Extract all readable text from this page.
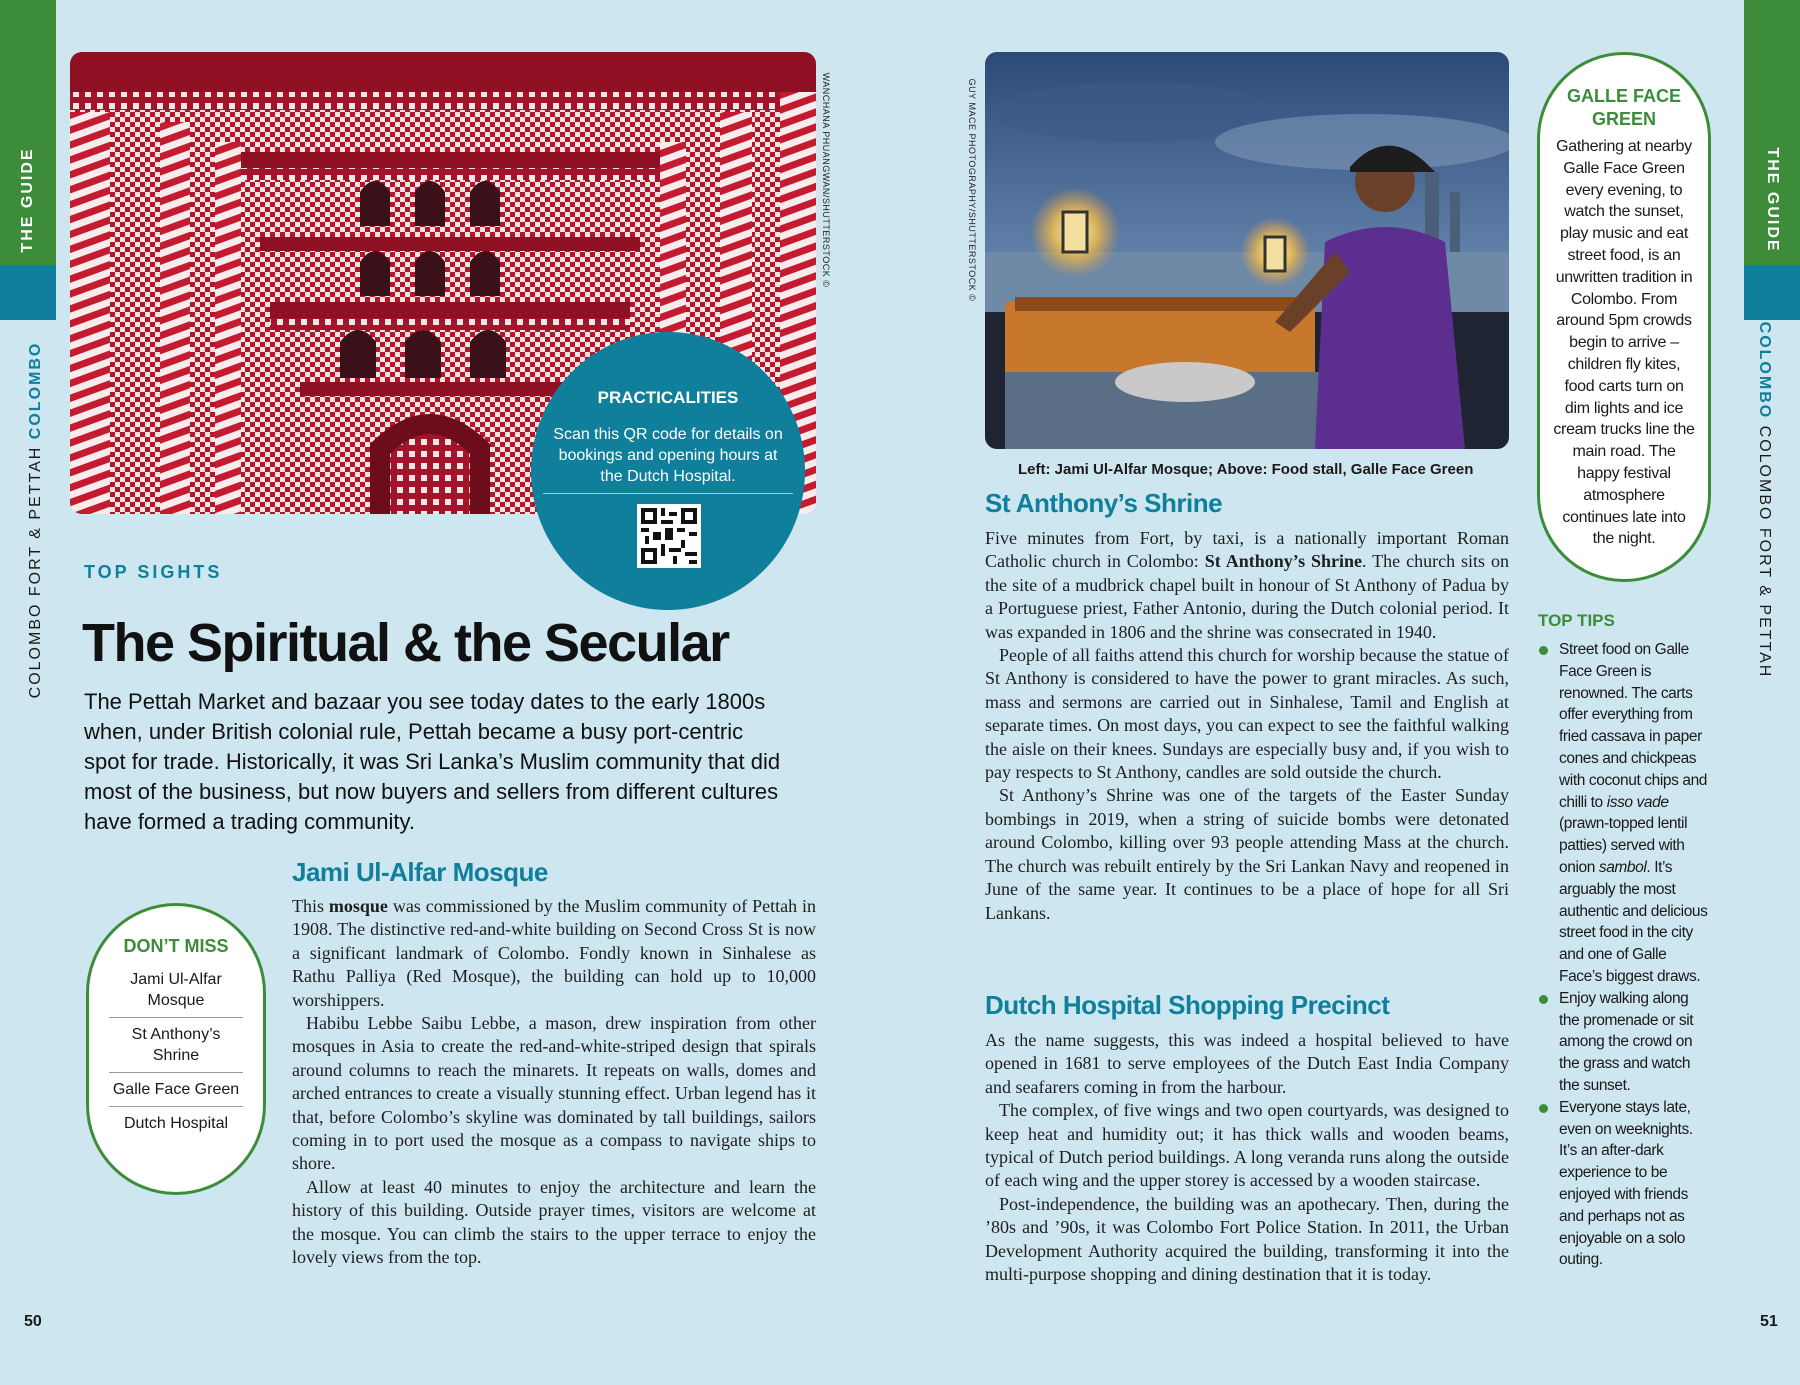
THE GUIDE
COLOMBO FORT & PETTAH COLOMBO
WANCHANA PHUANGWAN/SHUTTERSTOCK ©
PRACTICALITIES
Scan this QR code for details on bookings and opening hours at the Dutch Hospital.
TOP SIGHTS
The Spiritual & the Secular

The Pettah Market and bazaar you see today dates to the early 1800s when, under British colonial rule, Pettah became a busy port-centric spot for trade. Historically, it was Sri Lanka’s Muslim community that did most of the business, but now buyers and sellers from different cultures have formed a trading community.

DON’T MISS
Jami Ul-Alfar Mosque
St Anthony’s Shrine
Galle Face Green
Dutch Hospital
Jami Ul-Alfar Mosque

This mosque was commissioned by the Muslim community of Pettah in 1908. The distinctive red-and-white building on Second Cross St is now a significant landmark of Colombo. Fondly known in Sinhalese as Rathu Palliya (Red Mosque), the building can hold up to 10,000 worshippers.

Habibu Lebbe Saibu Lebbe, a mason, drew inspiration from other mosques in Asia to create the red-and-white-striped design that spirals around columns to reach the minarets. It repeats on walls, domes and arched entrances to create a visually stunning effect. Urban legend has it that, before Colombo’s skyline was dominated by tall buildings, sailors coming in to port used the mosque as a compass to navigate ships to shore.

Allow at least 40 minutes to enjoy the architecture and learn the history of this building. Outside prayer times, visitors are welcome at the mosque. You can climb the stairs to the upper terrace to enjoy the lovely views from the top.

50
GUY MACE PHOTOGRAPHY/SHUTTERSTOCK ©
Left: Jami Ul-Alfar Mosque; Above: Food stall, Galle Face Green
St Anthony’s Shrine

Five minutes from Fort, by taxi, is a nationally important Roman Catholic church in Colombo: St Anthony’s Shrine. The church sits on the site of a mudbrick chapel built in honour of St Anthony of Padua by a Portuguese priest, Father Antonio, during the Dutch colonial period. It was expanded in 1806 and the shrine was consecrated in 1940.

People of all faiths attend this church for worship because the statue of St Anthony is considered to have the power to grant miracles. As such, mass and sermons are carried out in Sinhalese, Tamil and English at separate times. On most days, you can expect to see the faithful walking the aisle on their knees. Sundays are especially busy and, if you wish to pay respects to St Anthony, candles are sold outside the church.

St Anthony’s Shrine was one of the targets of the Easter Sunday bombings in 2019, when a string of suicide bombs were detonated around Colombo, killing over 93 people attending Mass at the church. The church was rebuilt entirely by the Sri Lankan Navy and reopened in June of the same year. It continues to be a place of hope for all Sri Lankans.

Dutch Hospital Shopping Precinct

As the name suggests, this was indeed a hospital believed to have opened in 1681 to serve employees of the Dutch East India Company and seafarers coming in from the harbour.

The complex, of five wings and two open courtyards, was designed to keep heat and humidity out; it has thick walls and wooden beams, typical of Dutch period buildings. A long veranda runs along the outside of each wing and the upper storey is accessed by a wooden staircase.

Post-independence, the building was an apothecary. Then, during the ’80s and ’90s, it was Colombo Fort Police Station. In 2011, the Urban Development Authority acquired the building, transforming it into the multi-purpose shopping and dining destination that it is today.

GALLE FACE GREEN
Gathering at nearby Galle Face Green every evening, to watch the sunset, play music and eat street food, is an unwritten tradition in Colombo. From around 5pm crowds begin to arrive – children fly kites, food carts turn on dim lights and ice cream trucks line the main road. The happy festival atmosphere continues late into the night.
TOP TIPS
Street food on Galle Face Green is renowned. The carts offer everything from fried cassava in paper cones and chickpeas with coconut chips and chilli to isso vade (prawn-topped lentil patties) served with onion sambol. It’s arguably the most authentic and delicious street food in the city and one of Galle Face’s biggest draws.
Enjoy walking along the promenade or sit among the crowd on the grass and watch the sunset.
Everyone stays late, even on weeknights. It’s an after-dark experience to be enjoyed with friends and perhaps not as enjoyable on a solo outing.
51
THE GUIDE
COLOMBO COLOMBO FORT & PETTAH
